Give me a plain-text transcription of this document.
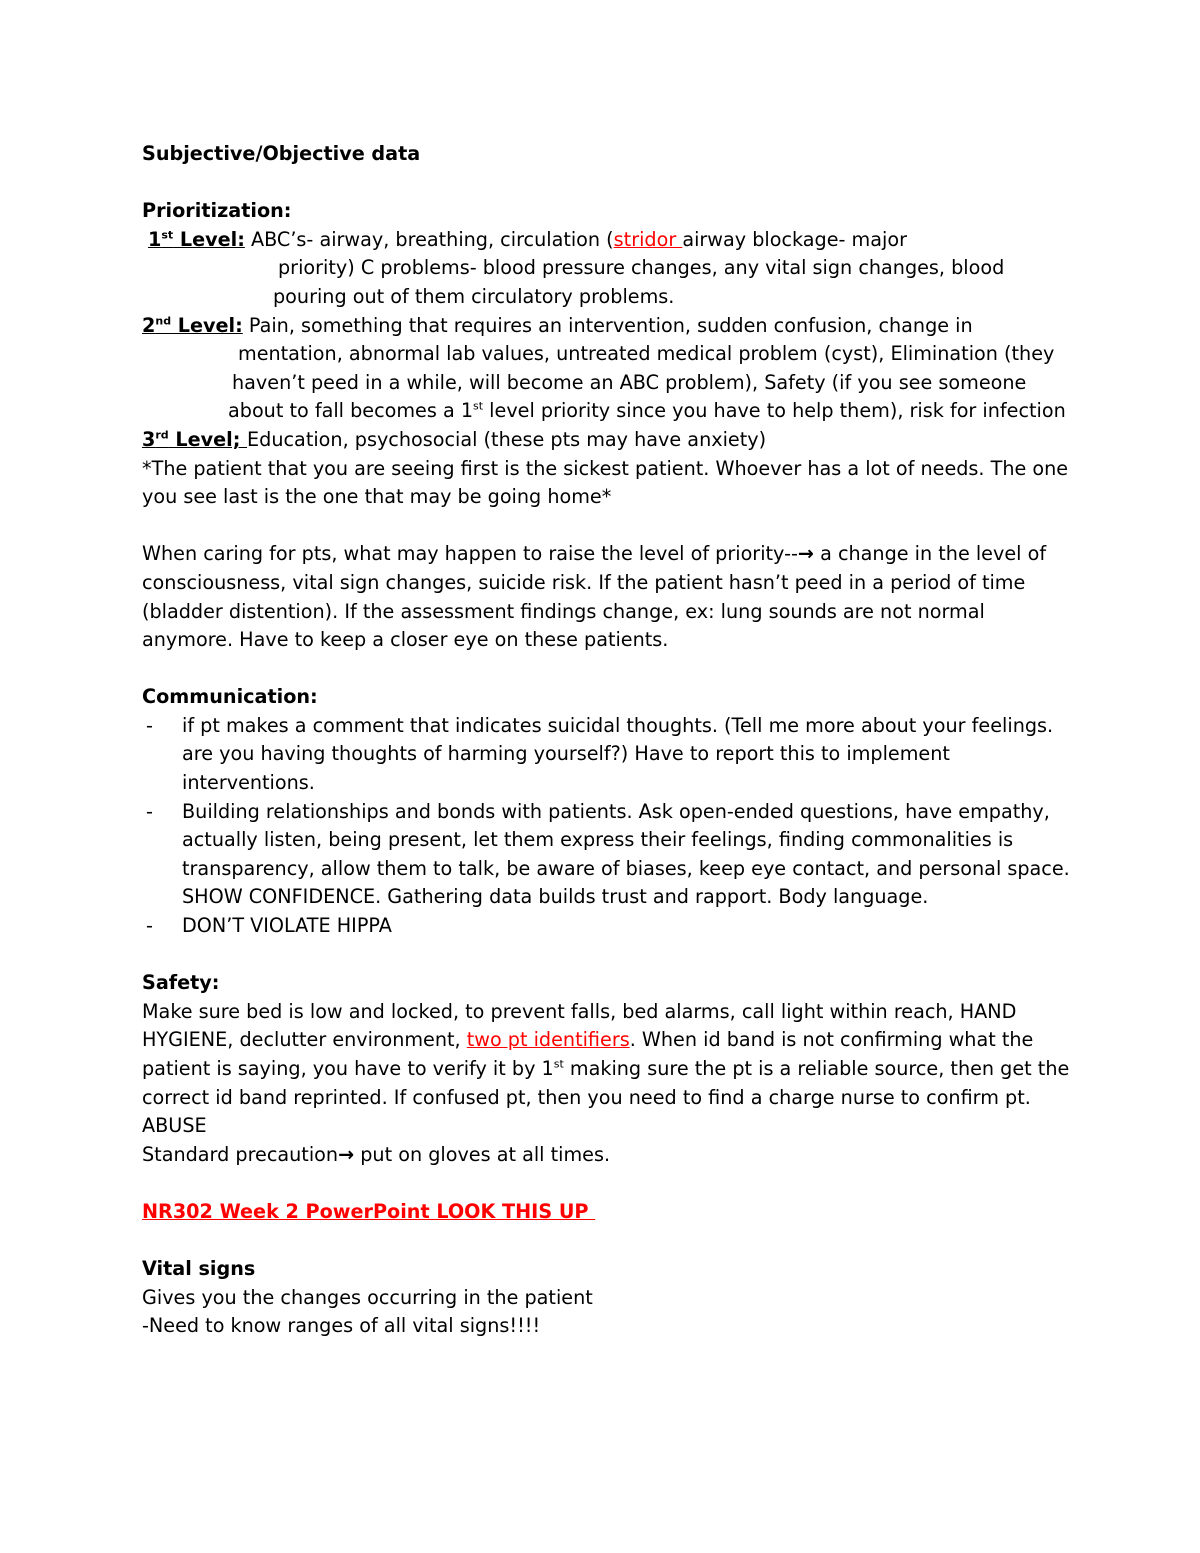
Subjective/Objective data

Prioritization:

1st Level: ABC’s- airway, breathing, circulation (stridor airway blockage- major

priority) C problems- blood pressure changes, any vital sign changes, blood

pouring out of them circulatory problems.

2nd Level: Pain, something that requires an intervention, sudden confusion, change in

mentation, abnormal lab values, untreated medical problem (cyst), Elimination (they

haven’t peed in a while, will become an ABC problem), Safety (if you see someone

about to fall becomes a 1st level priority since you have to help them), risk for infection

3rd Level; Education, psychosocial (these pts may have anxiety)

*The patient that you are seeing first is the sickest patient. Whoever has a lot of needs. The one

you see last is the one that may be going home*

When caring for pts, what may happen to raise the level of priority--→ a change in the level of

consciousness, vital sign changes, suicide risk. If the patient hasn’t peed in a period of time

(bladder distention). If the assessment findings change, ex: lung sounds are not normal

anymore. Have to keep a closer eye on these patients.

Communication:

- if pt makes a comment that indicates suicidal thoughts. (Tell me more about your feelings.

are you having thoughts of harming yourself?) Have to report this to implement

interventions.

- Building relationships and bonds with patients. Ask open-ended questions, have empathy,

actually listen, being present, let them express their feelings, finding commonalities is

transparency, allow them to talk, be aware of biases, keep eye contact, and personal space.

SHOW CONFIDENCE. Gathering data builds trust and rapport. Body language.

- DON’T VIOLATE HIPPA

Safety:

Make sure bed is low and locked, to prevent falls, bed alarms, call light within reach, HAND

HYGIENE, declutter environment, two pt identifiers. When id band is not confirming what the

patient is saying, you have to verify it by 1st making sure the pt is a reliable source, then get the

correct id band reprinted. If confused pt, then you need to find a charge nurse to confirm pt.

ABUSE

Standard precaution→ put on gloves at all times.

NR302 Week 2 PowerPoint LOOK THIS UP

Vital signs

Gives you the changes occurring in the patient

-Need to know ranges of all vital signs!!!!
